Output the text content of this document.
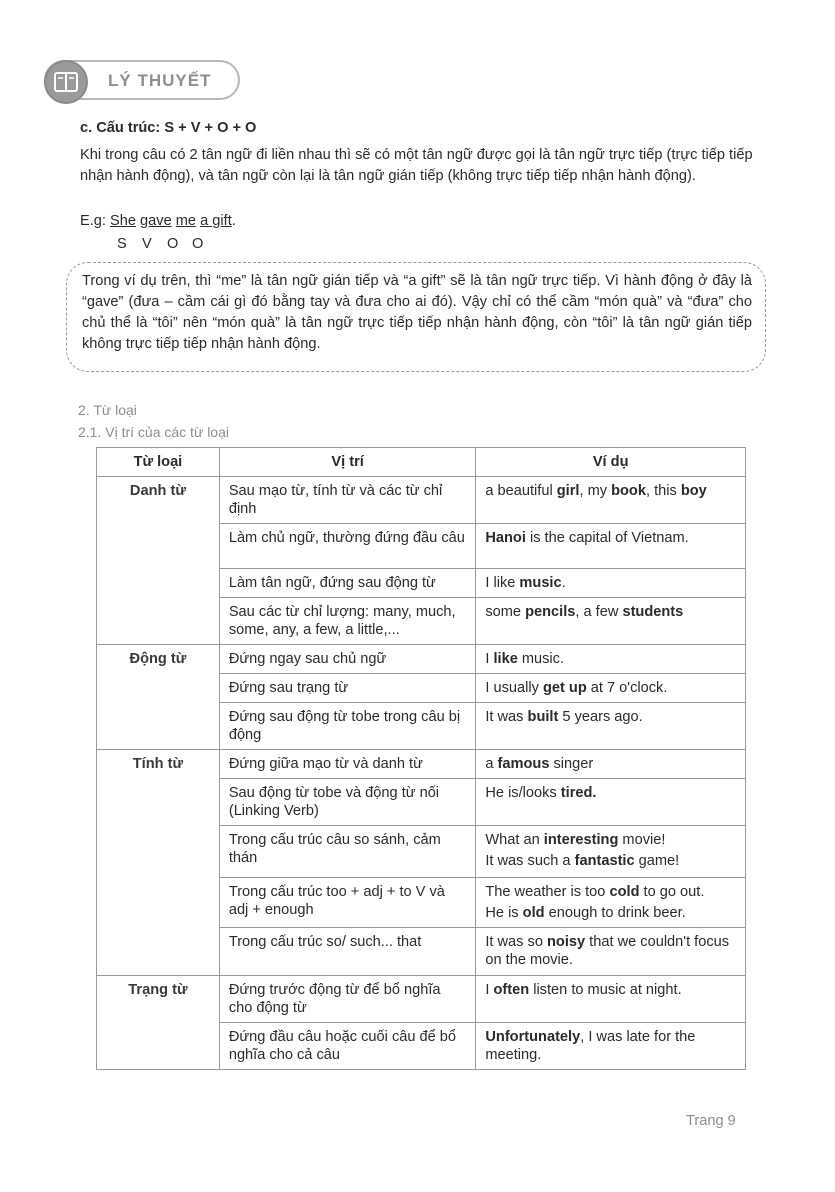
LÝ THUYẾT
c. Cấu trúc: S + V + O + O
Khi trong câu có 2 tân ngữ đi liền nhau thì sẽ có một tân ngữ được gọi là tân ngữ trực tiếp (trực tiếp tiếp nhận hành động), và tân ngữ còn lại là tân ngữ gián tiếp (không trực tiếp tiếp nhận hành động).
E.g: She gave me a gift.
S V O O
Trong ví dụ trên, thì “me” là tân ngữ gián tiếp và “a gift” sẽ là tân ngữ trực tiếp. Vì hành động ở đây là “gave” (đưa – cầm cái gì đó bằng tay và đưa cho ai đó). Vậy chỉ có thể cầm “món quà” và “đưa” cho chủ thể là “tôi” nên “món quà” là tân ngữ trực tiếp tiếp nhận hành động, còn “tôi” là tân ngữ gián tiếp không trực tiếp tiếp nhận hành động.
2. Từ loại
2.1. Vị trí của các từ loại
Từ loại	Vị trí	Ví dụ
Danh từ	Sau mạo từ, tính từ và các từ chỉ định	a beautiful girl, my book, this boy
	Làm chủ ngữ, thường đứng đầu câu	Hanoi is the capital of Vietnam.
	Làm tân ngữ, đứng sau động từ	I like music.
	Sau các từ chỉ lượng: many, much, some, any, a few, a little,...	some pencils, a few students
Động từ	Đứng ngay sau chủ ngữ	I like music.
	Đứng sau trạng từ	I usually get up at 7 o'clock.
	Đứng sau động từ tobe trong câu bị động	It was built 5 years ago.
Tính từ	Đứng giữa mạo từ và danh từ	a famous singer
	Sau động từ tobe và động từ nối (Linking Verb)	He is/looks tired.
	Trong cấu trúc câu so sánh, cảm thán	What an interesting movie!
It was such a fantastic game!

	Trong cấu trúc too + adj + to V và adj + enough	The weather is too cold to go out.
He is old enough to drink beer.

	Trong cấu trúc so/ such... that	It was so noisy that we couldn't focus on the movie.
Trạng từ	Đứng trước động từ để bổ nghĩa cho động từ	I often listen to music at night.
	Đứng đầu câu hoặc cuối câu để bổ nghĩa cho cả câu	Unfortunately, I was late for the meeting.
Trang 9
